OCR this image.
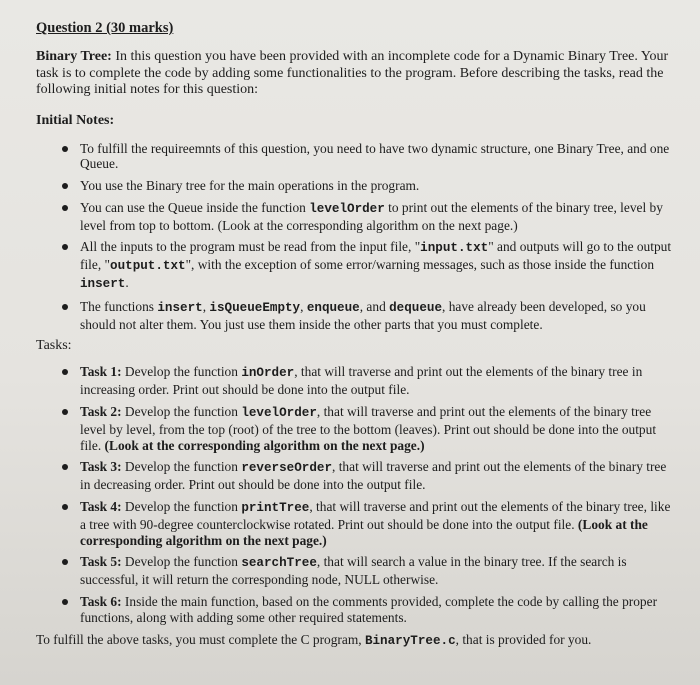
Question 2 (30 marks)

Binary Tree: In this question you have been provided with an incomplete code for a Dynamic Binary Tree. Your task is to complete the code by adding some functionalities to the program. Before describing the tasks, read the following initial notes for this question:

Initial Notes:
To fulfill the requireemnts of this question, you need to have two dynamic structure, one Binary Tree, and one Queue.
You use the Binary tree for the main operations in the program.
You can use the Queue inside the function levelOrder to print out the elements of the binary tree, level by level from top to bottom. (Look at the corresponding algorithm on the next page.)
All the inputs to the program must be read from the input file, "input.txt" and outputs will go to the output file, "output.txt", with the exception of some error/warning messages, such as those inside the function insert.
The functions insert, isQueueEmpty, enqueue, and dequeue, have already been developed, so you should not alter them. You just use them inside the other parts that you must complete.
Tasks:
Task 1: Develop the function inOrder, that will traverse and print out the elements of the binary tree in increasing order. Print out should be done into the output file.
Task 2: Develop the function levelOrder, that will traverse and print out the elements of the binary tree level by level, from the top (root) of the tree to the bottom (leaves). Print out should be done into the output file. (Look at the corresponding algorithm on the next page.)
Task 3: Develop the function reverseOrder, that will traverse and print out the elements of the binary tree in decreasing order. Print out should be done into the output file.
Task 4: Develop the function printTree, that will traverse and print out the elements of the binary tree, like a tree with 90-degree counterclockwise rotated. Print out should be done into the output file. (Look at the corresponding algorithm on the next page.)
Task 5: Develop the function searchTree, that will search a value in the binary tree. If the search is successful, it will return the corresponding node, NULL otherwise.
Task 6: Inside the main function, based on the comments provided, complete the code by calling the proper functions, along with adding some other required statements.

To fulfill the above tasks, you must complete the C program, BinaryTree.c, that is provided for you.
